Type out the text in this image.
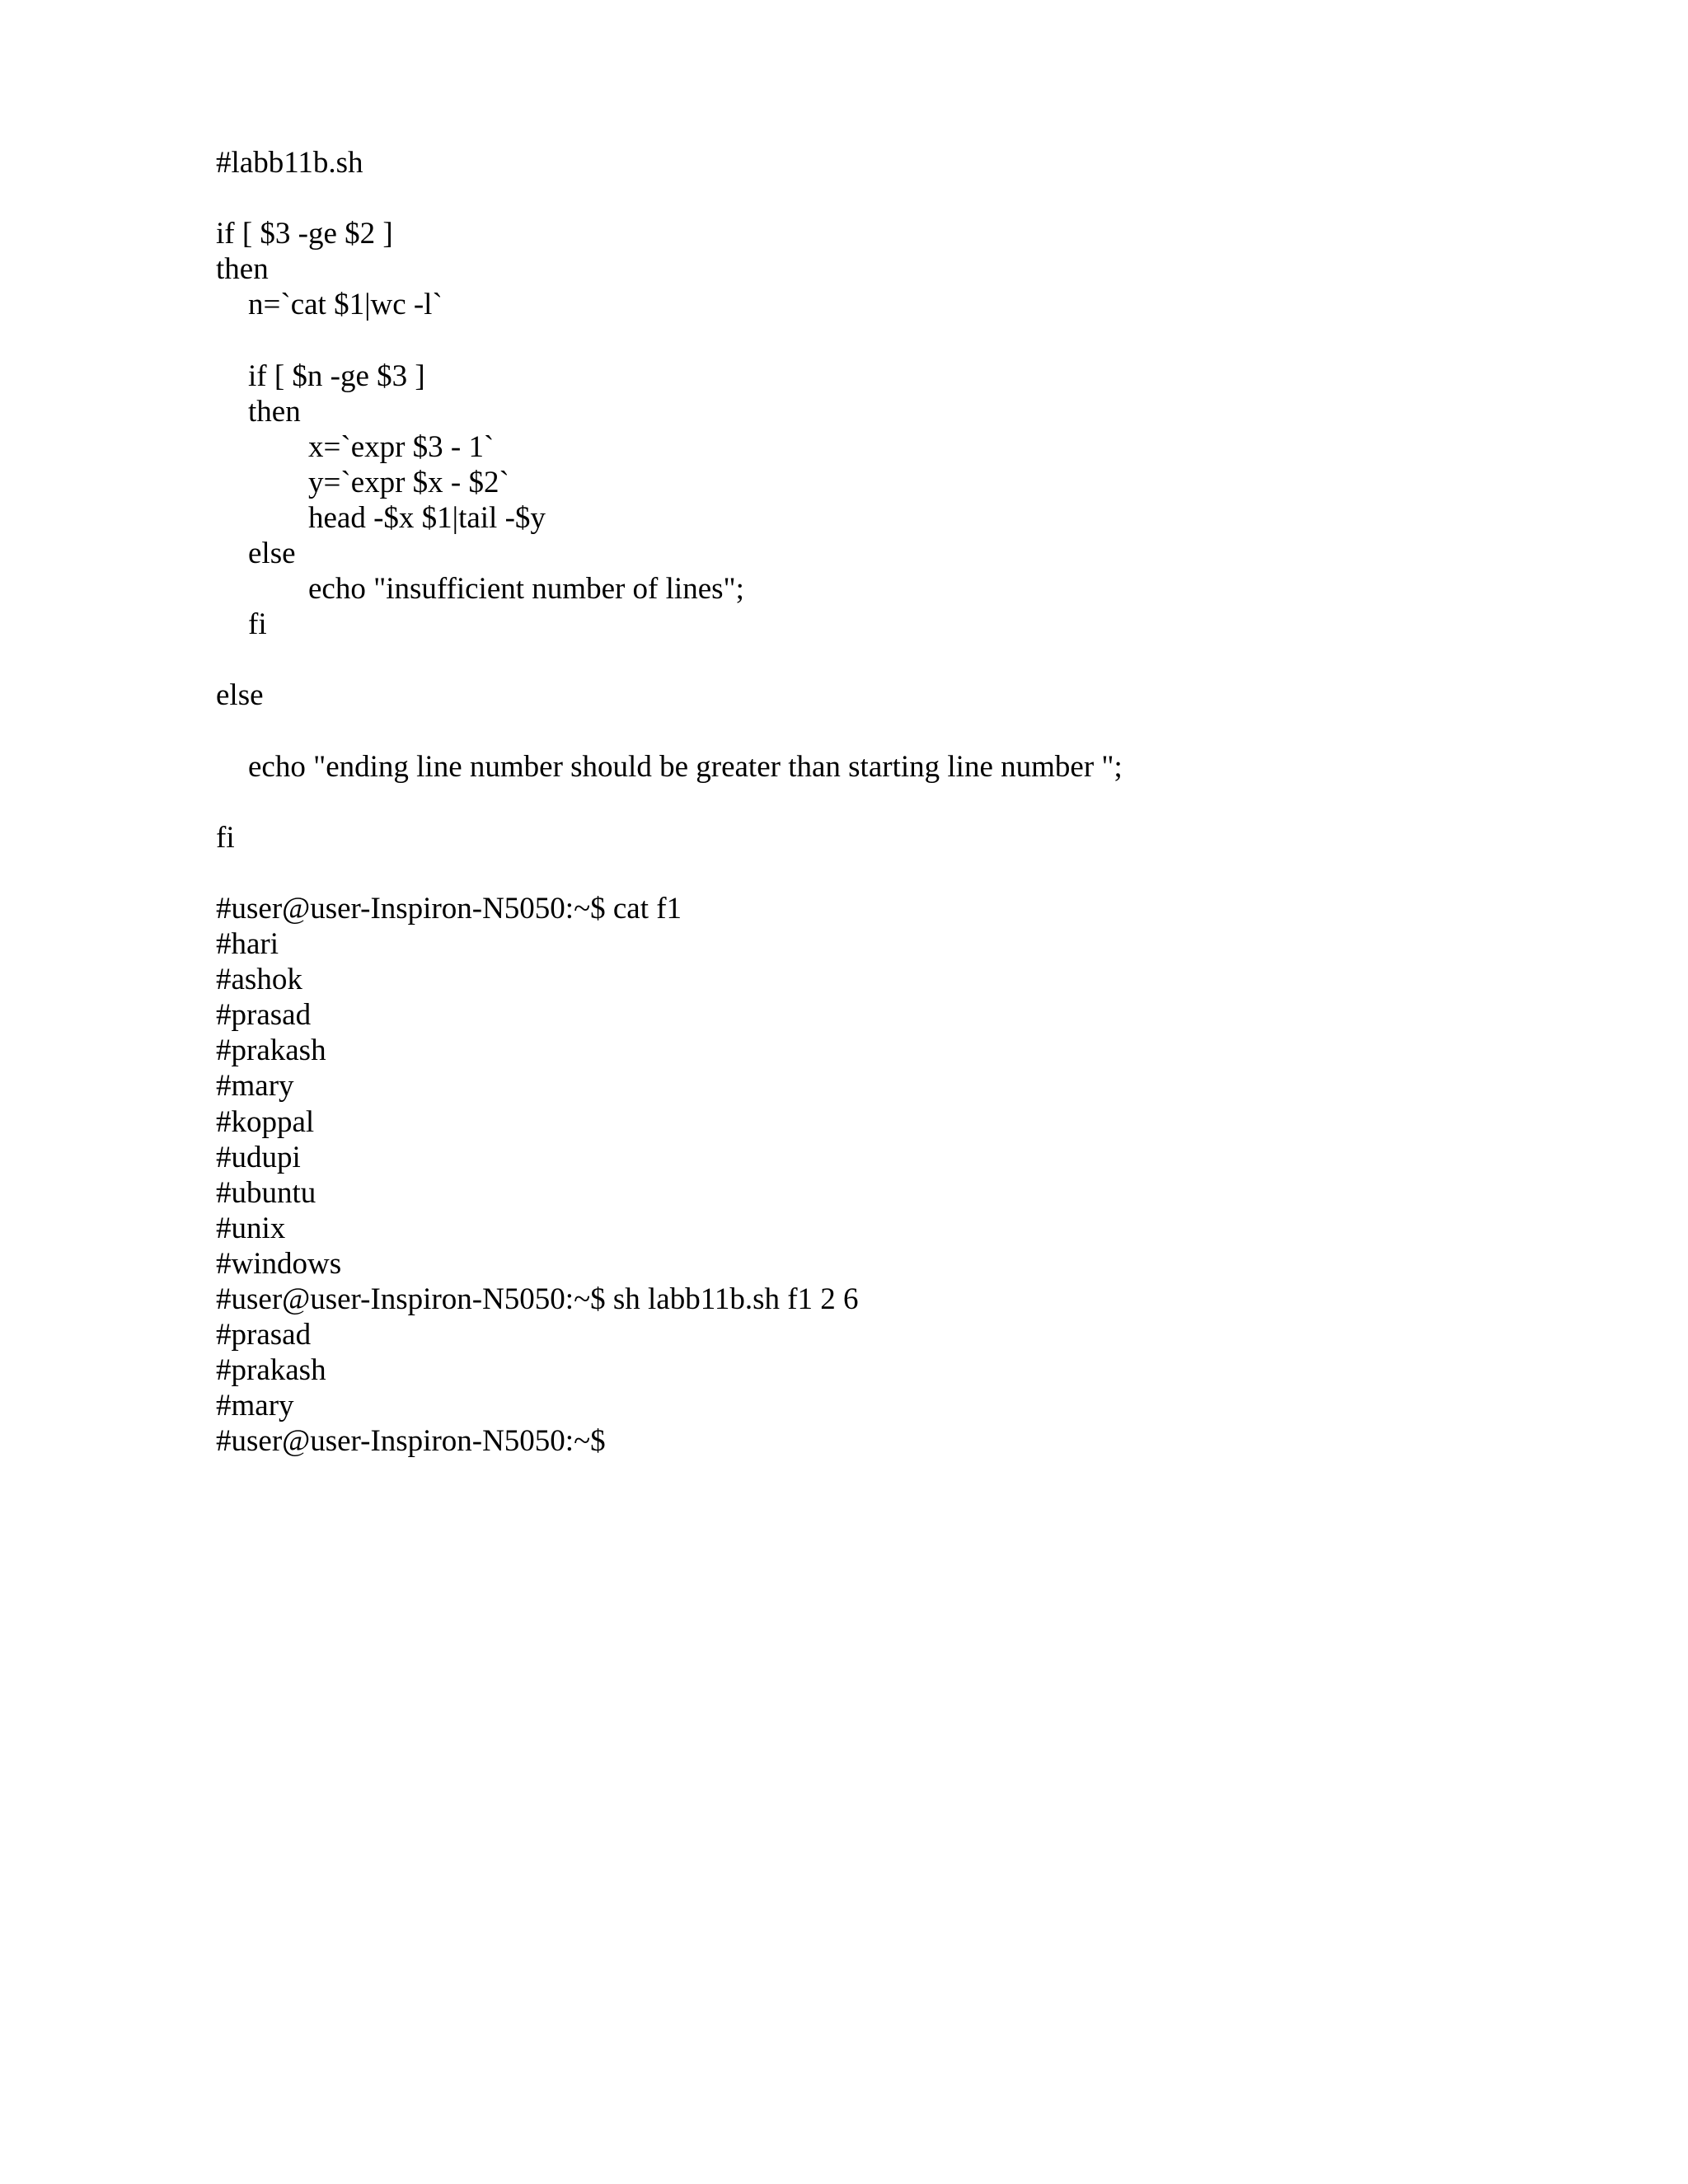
#labb11b.sh
if [ $3 -ge $2 ]
then
n=`cat $1|wc -l`
if [ $n -ge $3 ]
then
x=`expr $3 - 1`
y=`expr $x - $2`
head -$x $1|tail -$y
else
echo "insufficient number of lines";
fi
else
echo "ending line number should be greater than starting line number ";
fi
#user@user-Inspiron-N5050:~$ cat f1
#hari
#ashok
#prasad
#prakash
#mary
#koppal
#udupi
#ubuntu
#unix
#windows
#user@user-Inspiron-N5050:~$ sh labb11b.sh f1 2 6
#prasad
#prakash
#mary
#user@user-Inspiron-N5050:~$
